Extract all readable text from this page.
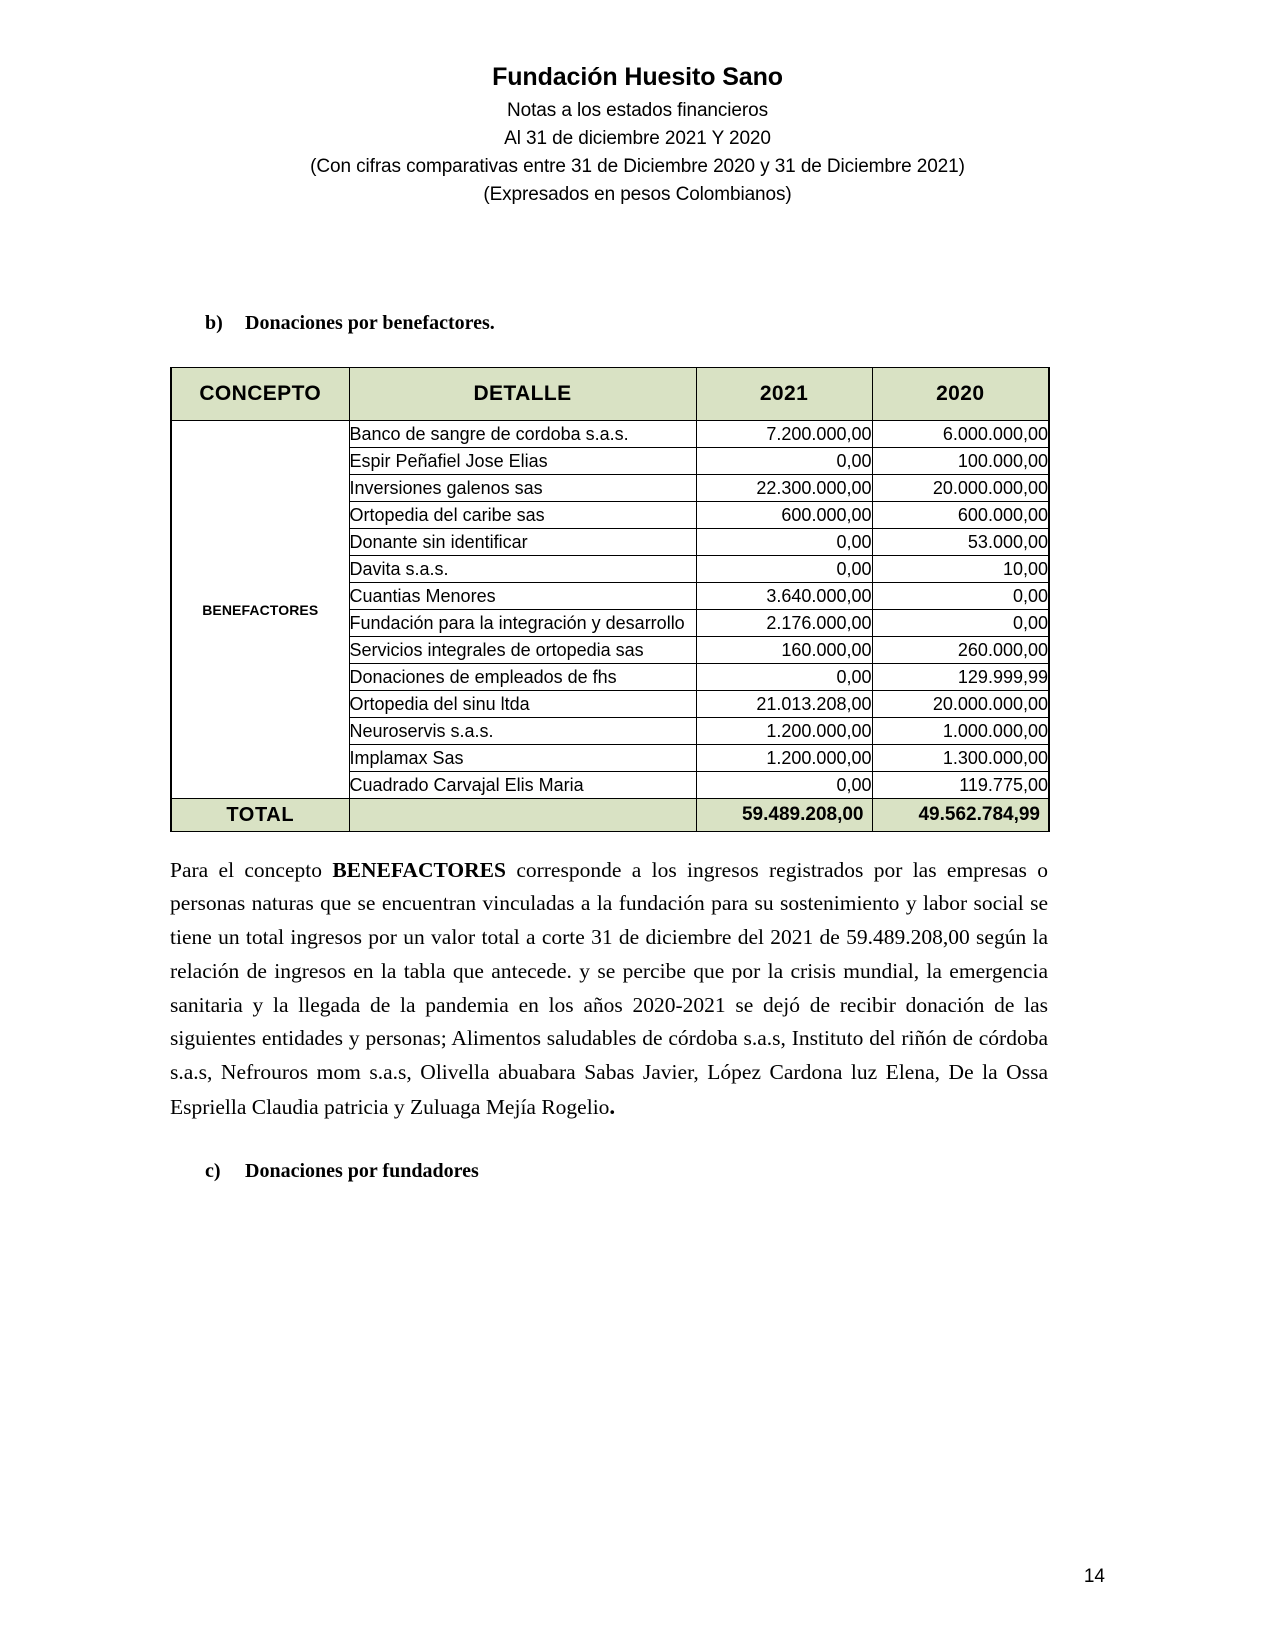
Fundación Huesito Sano
Notas a los estados financieros
Al 31 de diciembre 2021 Y 2020
(Con cifras comparativas entre 31 de Diciembre 2020 y 31 de Diciembre 2021)
(Expresados en pesos Colombianos)
b) Donaciones por benefactores.
CONCEPTO	DETALLE	2021	2020
BENEFACTORES	Banco de sangre de cordoba s.a.s.	7.200.000,00	6.000.000,00
	Espir Peñafiel Jose Elias	0,00	100.000,00
	Inversiones galenos sas	22.300.000,00	20.000.000,00
	Ortopedia del caribe sas	600.000,00	600.000,00
	Donante sin identificar	0,00	53.000,00
	Davita s.a.s.	0,00	10,00
	Cuantias Menores	3.640.000,00	0,00
	Fundación para la integración y desarrollo	2.176.000,00	0,00
	Servicios integrales de ortopedia sas	160.000,00	260.000,00
	Donaciones de empleados de fhs	0,00	129.999,99
	Ortopedia del sinu ltda	21.013.208,00	20.000.000,00
	Neuroservis s.a.s.	1.200.000,00	1.000.000,00
	Implamax Sas	1.200.000,00	1.300.000,00
	Cuadrado Carvajal Elis Maria	0,00	119.775,00
TOTAL		59.489.208,00	49.562.784,99

Para el concepto BENEFACTORES corresponde a los ingresos registrados por las empresas o personas naturas que se encuentran vinculadas a la fundación para su sostenimiento y labor social se tiene un total ingresos por un valor total a corte 31 de diciembre del 2021 de 59.489.208,00 según la relación de ingresos en la tabla que antecede. y se percibe que por la crisis mundial, la emergencia sanitaria y la llegada de la pandemia en los años 2020-2021 se dejó de recibir donación de las siguientes entidades y personas; Alimentos saludables de córdoba s.a.s, Instituto del riñón de córdoba s.a.s, Nefrouros mom s.a.s, Olivella abuabara Sabas Javier, López Cardona luz Elena, De la Ossa Espriella Claudia patricia y Zuluaga Mejía Rogelio.

c) Donaciones por fundadores
14
